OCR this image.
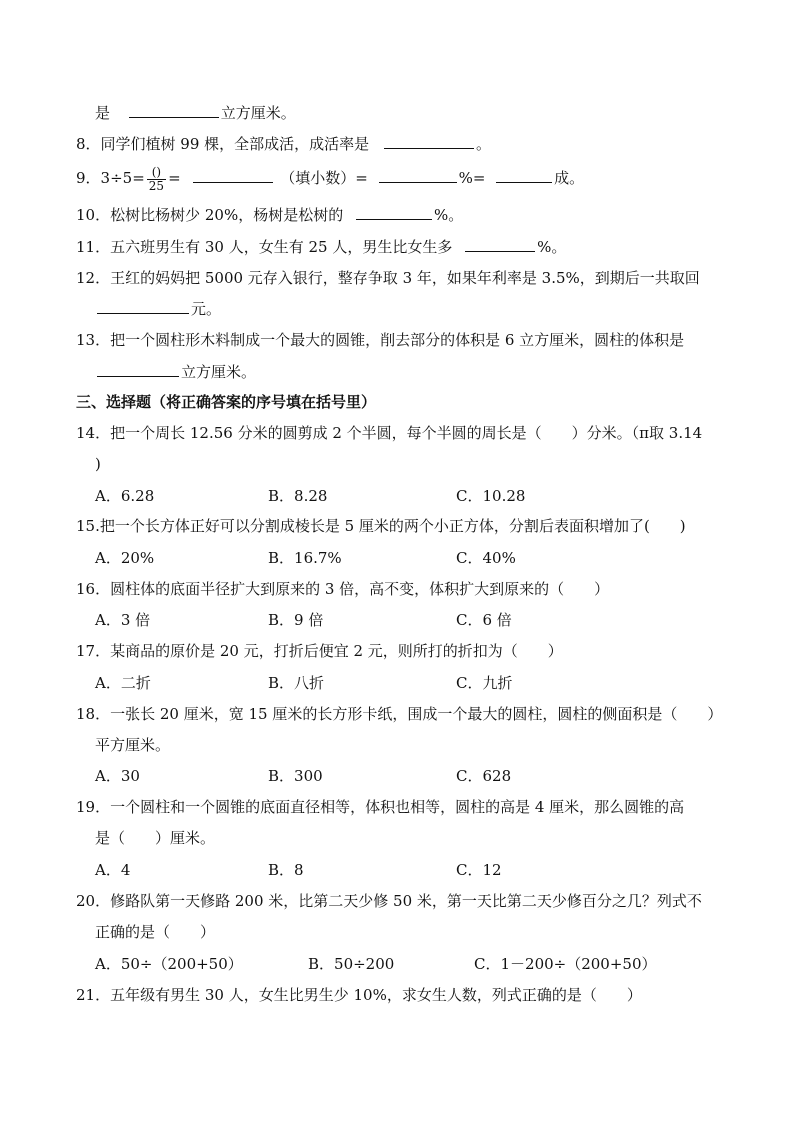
是	立方厘米。
8．同学们植树 99 棵，全部成活，成活率是	。
9．$3\div 5= \frac{()}{25}$ =	（填小数）=	%=	成。
10．松树比杨树少 20%，杨树是松树的	%。
11．五六班男生有 30 人，女生有 25 人，男生比女生多	%。
12．王红的妈妈把 5000 元存入银行，整存争取 3 年，如果年利率是 3.5%，到期后一共取回
元。
13．把一个圆柱形木料制成一个最大的圆锥，削去部分的体积是 6 立方厘米，圆柱的体积是
立方厘米。
三、选择题（将正确答案的序号填在括号里）
14．把一个周长 12.56 分米的圆剪成 2 个半圆，每个半圆的周长是（　　）分米。（π取 3.14
)
A．6.28	B．8.28	C．10.28
15.把一个长方体正好可以分割成棱长是 5 厘米的两个小正方体，分割后表面积增加了(　　)
A．20%	B．16.7%	C．40%
16．圆柱体的底面半径扩大到原来的 3 倍，高不变，体积扩大到原来的（　　）
A．3 倍	B．9 倍	C．6 倍
17．某商品的原价是 20 元，打折后便宜 2 元，则所打的折扣为（　　）
A．二折	B．八折	C．九折
18．一张长 20 厘米，宽 15 厘米的长方形卡纸，围成一个最大的圆柱，圆柱的侧面积是（　　）
平方厘米。
A．30	B．300	C．628
19．一个圆柱和一个圆锥的底面直径相等，体积也相等，圆柱的高是 4 厘米，那么圆锥的高
是（　　）厘米。
A．4	B．8	C．12
20．修路队第一天修路 200 米，比第二天少修 50 米，第一天比第二天少修百分之几？列式不
正确的是（　　）
A．50÷（200+50）	B．50÷200	C．1－200÷（200+50）
21．五年级有男生 30 人，女生比男生少 10%，求女生人数，列式正确的是（　　）
